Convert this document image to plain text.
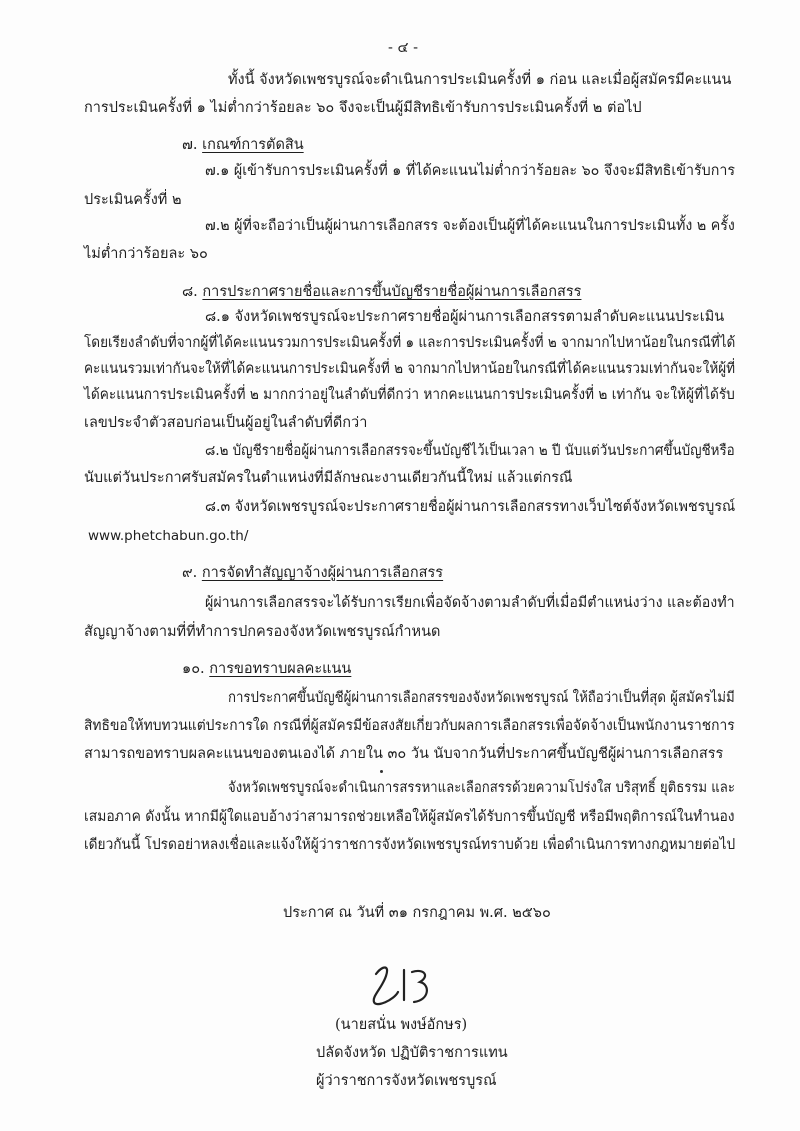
- ๔ -
ทั้งนี้ จังหวัดเพชรบูรณ์จะดำเนินการประเมินครั้งที่ ๑ ก่อน และเมื่อผู้สมัครมีคะแนน
การประเมินครั้งที่ ๑ ไม่ต่ำกว่าร้อยละ ๖๐ จึงจะเป็นผู้มีสิทธิเข้ารับการประเมินครั้งที่ ๒ ต่อไป
๗. เกณฑ์การตัดสิน
๗.๑ ผู้เข้ารับการประเมินครั้งที่ ๑ ที่ได้คะแนนไม่ต่ำกว่าร้อยละ ๖๐ จึงจะมีสิทธิเข้ารับการ
ประเมินครั้งที่ ๒
๗.๒ ผู้ที่จะถือว่าเป็นผู้ผ่านการเลือกสรร จะต้องเป็นผู้ที่ได้คะแนนในการประเมินทั้ง ๒ ครั้ง
ไม่ต่ำกว่าร้อยละ ๖๐
๘. การประกาศรายชื่อและการขึ้นบัญชีรายชื่อผู้ผ่านการเลือกสรร
๘.๑ จังหวัดเพชรบูรณ์จะประกาศรายชื่อผู้ผ่านการเลือกสรรตามลำดับคะแนนประเมิน
โดยเรียงลำดับที่จากผู้ที่ได้คะแนนรวมการประเมินครั้งที่ ๑ และการประเมินครั้งที่ ๒ จากมากไปหาน้อยในกรณีที่ได้
คะแนนรวมเท่ากันจะให้ที่ได้คะแนนการประเมินครั้งที่ ๒ จากมากไปหาน้อยในกรณีที่ได้คะแนนรวมเท่ากันจะให้ผู้ที่
ได้คะแนนการประเมินครั้งที่ ๒ มากกว่าอยู่ในลำดับที่ดีกว่า หากคะแนนการประเมินครั้งที่ ๒ เท่ากัน จะให้ผู้ที่ได้รับ
เลขประจำตัวสอบก่อนเป็นผู้อยู่ในลำดับที่ดีกว่า
๘.๒ บัญชีรายชื่อผู้ผ่านการเลือกสรรจะขึ้นบัญชีไว้เป็นเวลา ๒ ปี นับแต่วันประกาศขึ้นบัญชีหรือ
นับแต่วันประกาศรับสมัครในตำแหน่งที่มีลักษณะงานเดียวกันนี้ใหม่ แล้วแต่กรณี
๘.๓ จังหวัดเพชรบูรณ์จะประกาศรายชื่อผู้ผ่านการเลือกสรรทางเว็บไซต์จังหวัดเพชรบูรณ์
www.phetchabun.go.th/
๙. การจัดทำสัญญาจ้างผู้ผ่านการเลือกสรร
ผู้ผ่านการเลือกสรรจะได้รับการเรียกเพื่อจัดจ้างตามลำดับที่เมื่อมีตำแหน่งว่าง และต้องทำ
สัญญาจ้างตามที่ที่ทำการปกครองจังหวัดเพชรบูรณ์กำหนด
๑๐. การขอทราบผลคะแนน
การประกาศขึ้นบัญชีผู้ผ่านการเลือกสรรของจังหวัดเพชรบูรณ์ ให้ถือว่าเป็นที่สุด ผู้สมัครไม่มี
สิทธิขอให้ทบทวนแต่ประการใด กรณีที่ผู้สมัครมีข้อสงสัยเกี่ยวกับผลการเลือกสรรเพื่อจัดจ้างเป็นพนักงานราชการ
สามารถขอทราบผลคะแนนของตนเองได้ ภายใน ๓๐ วัน นับจากวันที่ประกาศขึ้นบัญชีผู้ผ่านการเลือกสรร
จังหวัดเพชรบูรณ์จะดำเนินการสรรหาและเลือกสรรด้วยความโปร่งใส บริสุทธิ์ ยุติธรรม และ
เสมอภาค ดังนั้น หากมีผู้ใดแอบอ้างว่าสามารถช่วยเหลือให้ผู้สมัครได้รับการขึ้นบัญชี หรือมีพฤติการณ์ในทำนอง
เดียวกันนี้ โปรดอย่าหลงเชื่อและแจ้งให้ผู้ว่าราชการจังหวัดเพชรบูรณ์ทราบด้วย เพื่อดำเนินการทางกฎหมายต่อไป
ประกาศ ณ วันที่ ๓๑ กรกฎาคม พ.ศ. ๒๕๖๐
(นายสนั่น พงษ์อักษร)
ปลัดจังหวัด ปฏิบัติราชการแทน
ผู้ว่าราชการจังหวัดเพชรบูรณ์
